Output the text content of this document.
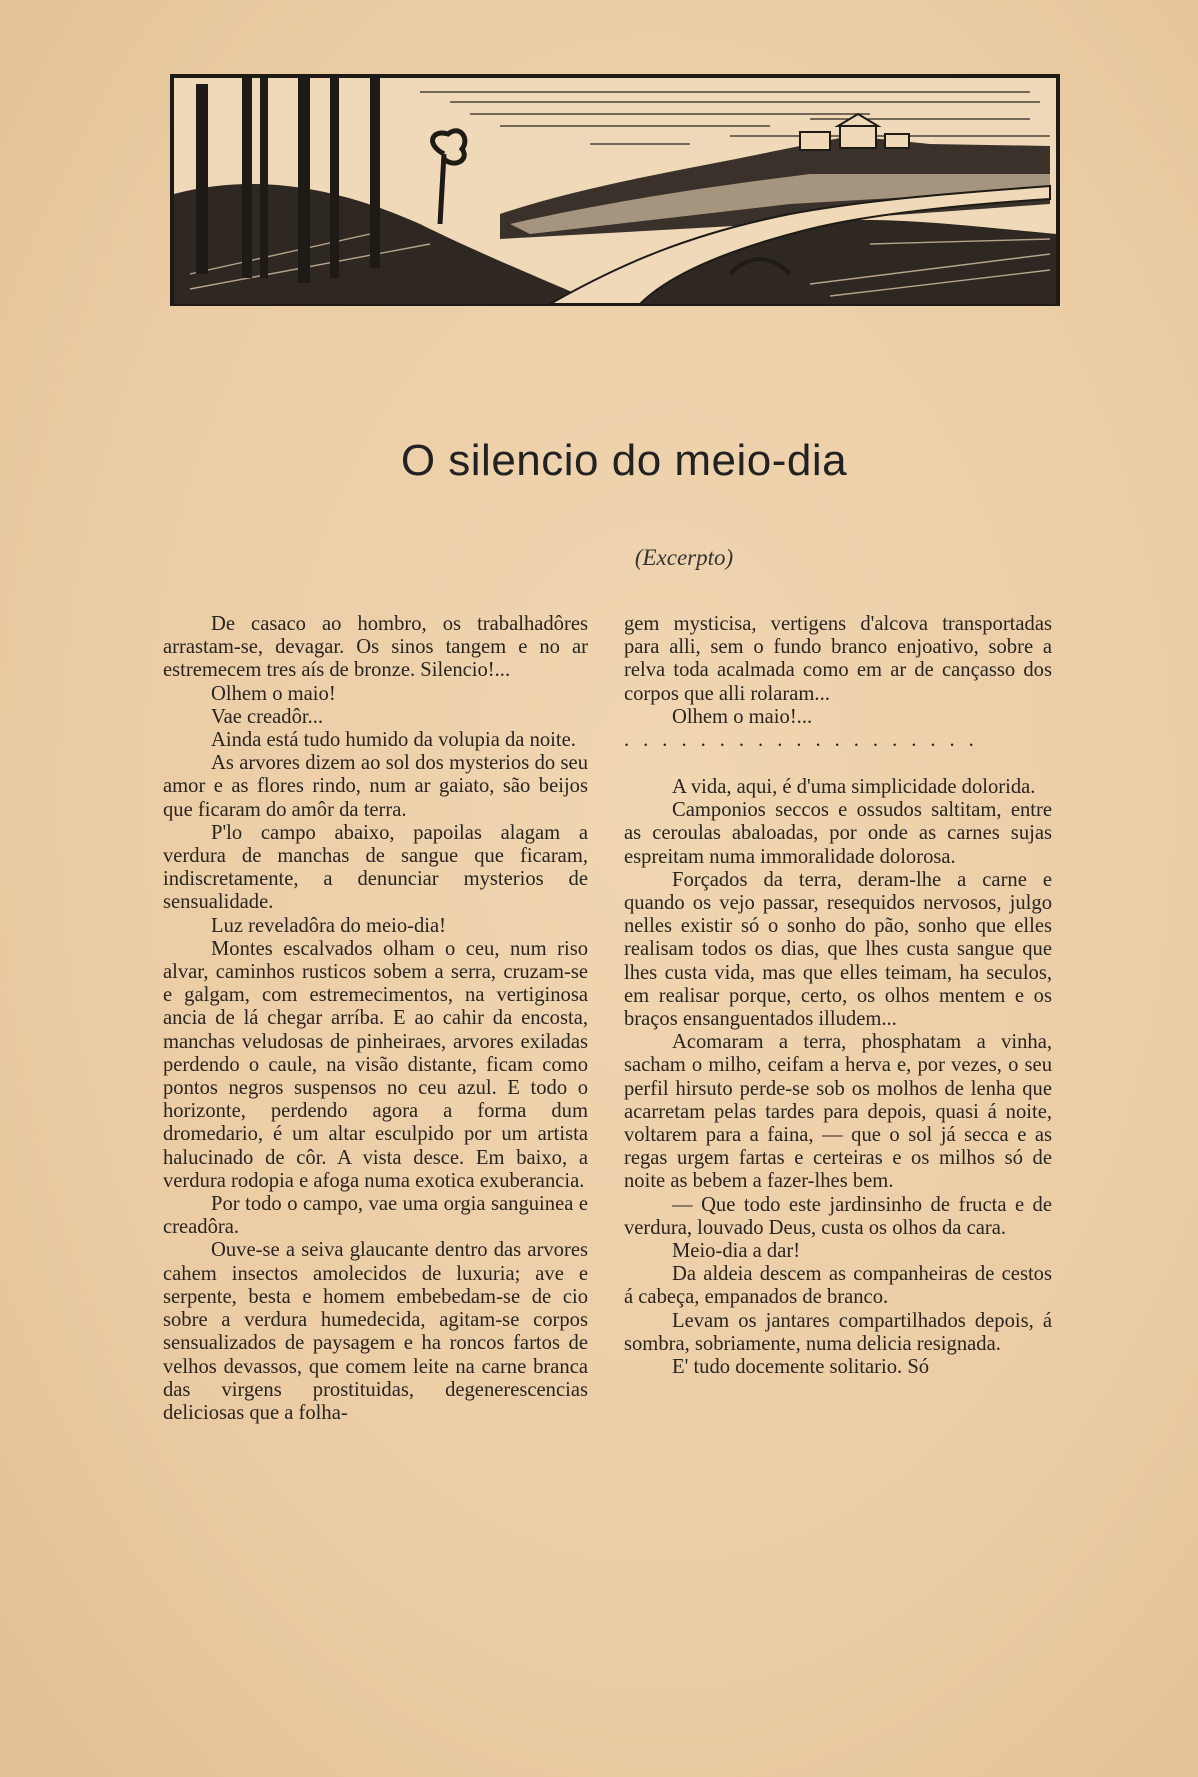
O silencio do meio-dia
(Excerpto)

De casaco ao hombro, os trabalhadôres arrastam-se, devagar. Os sinos tangem e no ar estremecem tres aís de bronze. Silencio!...

Olhem o maio!

Vae creadôr...

Ainda está tudo humido da volupia da noite.

As arvores dizem ao sol dos mysterios do seu amor e as flores rindo, num ar gaiato, são beijos que ficaram do amôr da terra.

P'lo campo abaixo, papoilas alagam a verdura de manchas de sangue que ficaram, indiscretamente, a denunciar mysterios de sensualidade.

Luz reveladôra do meio-dia!

Montes escalvados olham o ceu, num riso alvar, caminhos rusticos sobem a serra, cruzam-se e galgam, com estremecimentos, na vertiginosa ancia de lá chegar arríba. E ao cahir da encosta, manchas veludosas de pinheiraes, arvores exiladas perdendo o caule, na visão distante, ficam como pontos negros suspensos no ceu azul. E todo o horizonte, perdendo agora a forma dum dromedario, é um altar esculpido por um artista halucinado de côr. A vista desce. Em baixo, a verdura rodopia e afoga numa exotica exuberancia.

Por todo o campo, vae uma orgia sanguinea e creadôra.

Ouve-se a seiva glaucante dentro das arvores cahem insectos amolecidos de luxuria; ave e serpente, besta e homem embebedam-se de cio sobre a verdura humedecida, agitam-se corpos sensualizados de paysagem e ha roncos fartos de velhos devassos, que comem leite na carne branca das virgens prostituidas, degenerescencias deliciosas que a folha-

gem mysticisa, vertigens d'alcova transportadas para alli, sem o fundo branco enjoativo, sobre a relva toda acalmada como em ar de cançasso dos corpos que alli rolaram...

Olhem o maio!...

...................

A vida, aqui, é d'uma simplicidade dolorida.

Camponios seccos e ossudos saltitam, entre as ceroulas abaloadas, por onde as carnes sujas espreitam numa immoralidade dolorosa.

Forçados da terra, deram-lhe a carne e quando os vejo passar, resequidos nervosos, julgo nelles existir só o sonho do pão, sonho que elles realisam todos os dias, que lhes custa sangue que lhes custa vida, mas que elles teimam, ha seculos, em realisar porque, certo, os olhos mentem e os braços ensanguentados illudem...

Acomaram a terra, phosphatam a vinha, sacham o milho, ceifam a herva e, por vezes, o seu perfil hirsuto perde-se sob os molhos de lenha que acarretam pelas tardes para depois, quasi á noite, voltarem para a faina, — que o sol já secca e as regas urgem fartas e certeiras e os milhos só de noite as bebem a fazer-lhes bem.

— Que todo este jardinsinho de fructa e de verdura, louvado Deus, custa os olhos da cara.

Meio-dia a dar!

Da aldeia descem as companheiras de cestos á cabeça, empanados de branco.

Levam os jantares compartilhados depois, á sombra, sobriamente, numa delicia resignada.

E' tudo docemente solitario. Só
